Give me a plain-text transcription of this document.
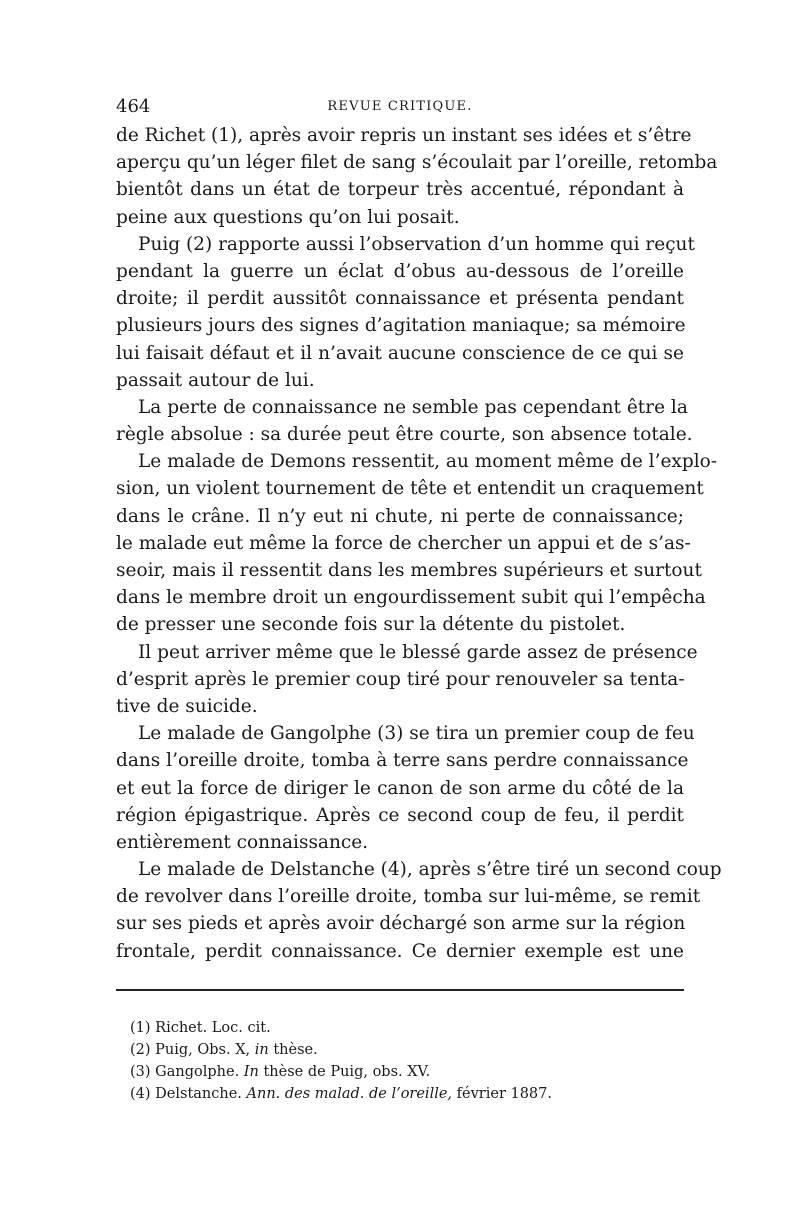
464	REVUE CRITIQUE.
de Richet (1), après avoir repris un instant ses idées et s’être
aperçu qu’un léger filet de sang s’écoulait par l’oreille, retomba
bientôt dans un état de torpeur très accentué, répondant à
peine aux questions qu’on lui posait.
Puig (2) rapporte aussi l’observation d’un homme qui reçut
pendant la guerre un éclat d’obus au-dessous de l’oreille
droite; il perdit aussitôt connaissance et présenta pendant
plusieurs jours des signes d’agitation maniaque; sa mémoire
lui faisait défaut et il n’avait aucune conscience de ce qui se
passait autour de lui.
La perte de connaissance ne semble pas cependant être la
règle absolue : sa durée peut être courte, son absence totale.
Le malade de Demons ressentit, au moment même de l’explo-
sion, un violent tournement de tête et entendit un craquement
dans le crâne. Il n’y eut ni chute, ni perte de connaissance;
le malade eut même la force de chercher un appui et de s’as-
seoir, mais il ressentit dans les membres supérieurs et surtout
dans le membre droit un engourdissement subit qui l’empêcha
de presser une seconde fois sur la détente du pistolet.
Il peut arriver même que le blessé garde assez de présence
d’esprit après le premier coup tiré pour renouveler sa tenta-
tive de suicide.
Le malade de Gangolphe (3) se tira un premier coup de feu
dans l’oreille droite, tomba à terre sans perdre connaissance
et eut la force de diriger le canon de son arme du côté de la
région épigastrique. Après ce second coup de feu, il perdit
entièrement connaissance.
Le malade de Delstanche (4), après s’être tiré un second coup
de revolver dans l’oreille droite, tomba sur lui-même, se remit
sur ses pieds et après avoir déchargé son arme sur la région
frontale, perdit connaissance. Ce dernier exemple est une
(1) Richet. Loc. cit.
(2) Puig, Obs. X, in thèse.
(3) Gangolphe. In thèse de Puig, obs. XV.
(4) Delstanche. Ann. des malad. de l’oreille, février 1887.
